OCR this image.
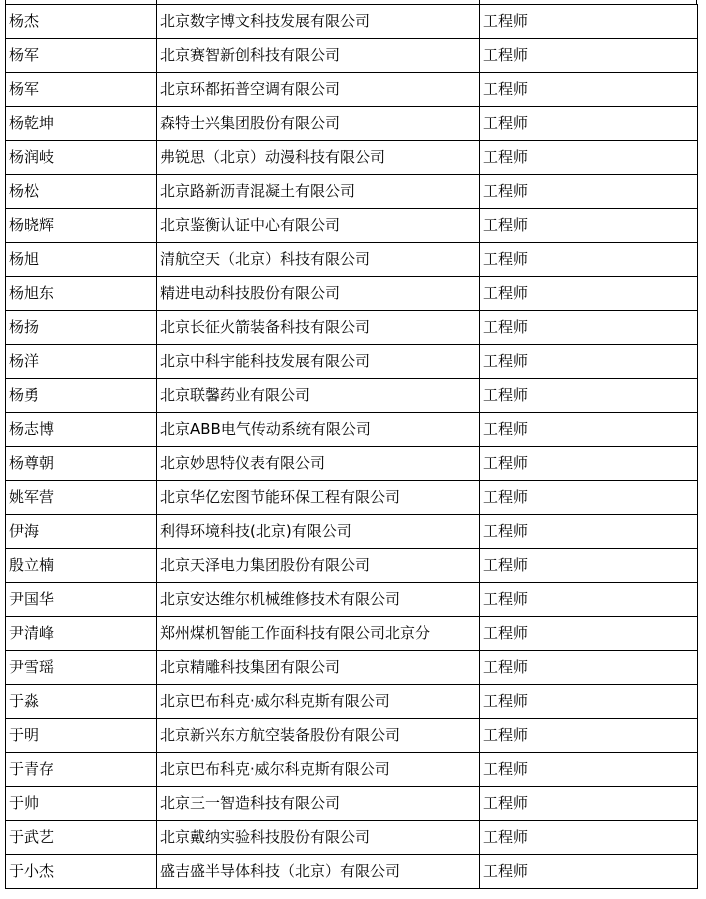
杨杰	北京数字博文科技发展有限公司	工程师
杨军	北京赛智新创科技有限公司	工程师
杨军	北京环都拓普空调有限公司	工程师
杨乾坤	森特士兴集团股份有限公司	工程师
杨润岐	弗锐思（北京）动漫科技有限公司	工程师
杨松	北京路新沥青混凝土有限公司	工程师
杨晓辉	北京鉴衡认证中心有限公司	工程师
杨旭	清航空天（北京）科技有限公司	工程师
杨旭东	精进电动科技股份有限公司	工程师
杨扬	北京长征火箭装备科技有限公司	工程师
杨洋	北京中科宇能科技发展有限公司	工程师
杨勇	北京联馨药业有限公司	工程师
杨志博	北京ABB电气传动系统有限公司	工程师
杨尊朝	北京妙思特仪表有限公司	工程师
姚军营	北京华亿宏图节能环保工程有限公司	工程师
伊海	利得环境科技(北京)有限公司	工程师
殷立楠	北京天泽电力集团股份有限公司	工程师
尹国华	北京安达维尔机械维修技术有限公司	工程师
尹清峰	郑州煤机智能工作面科技有限公司北京分	工程师
尹雪瑶	北京精雕科技集团有限公司	工程师
于淼	北京巴布科克·威尔科克斯有限公司	工程师
于明	北京新兴东方航空装备股份有限公司	工程师
于青存	北京巴布科克·威尔科克斯有限公司	工程师
于帅	北京三一智造科技有限公司	工程师
于武艺	北京戴纳实验科技股份有限公司	工程师
于小杰	盛吉盛半导体科技（北京）有限公司	工程师
